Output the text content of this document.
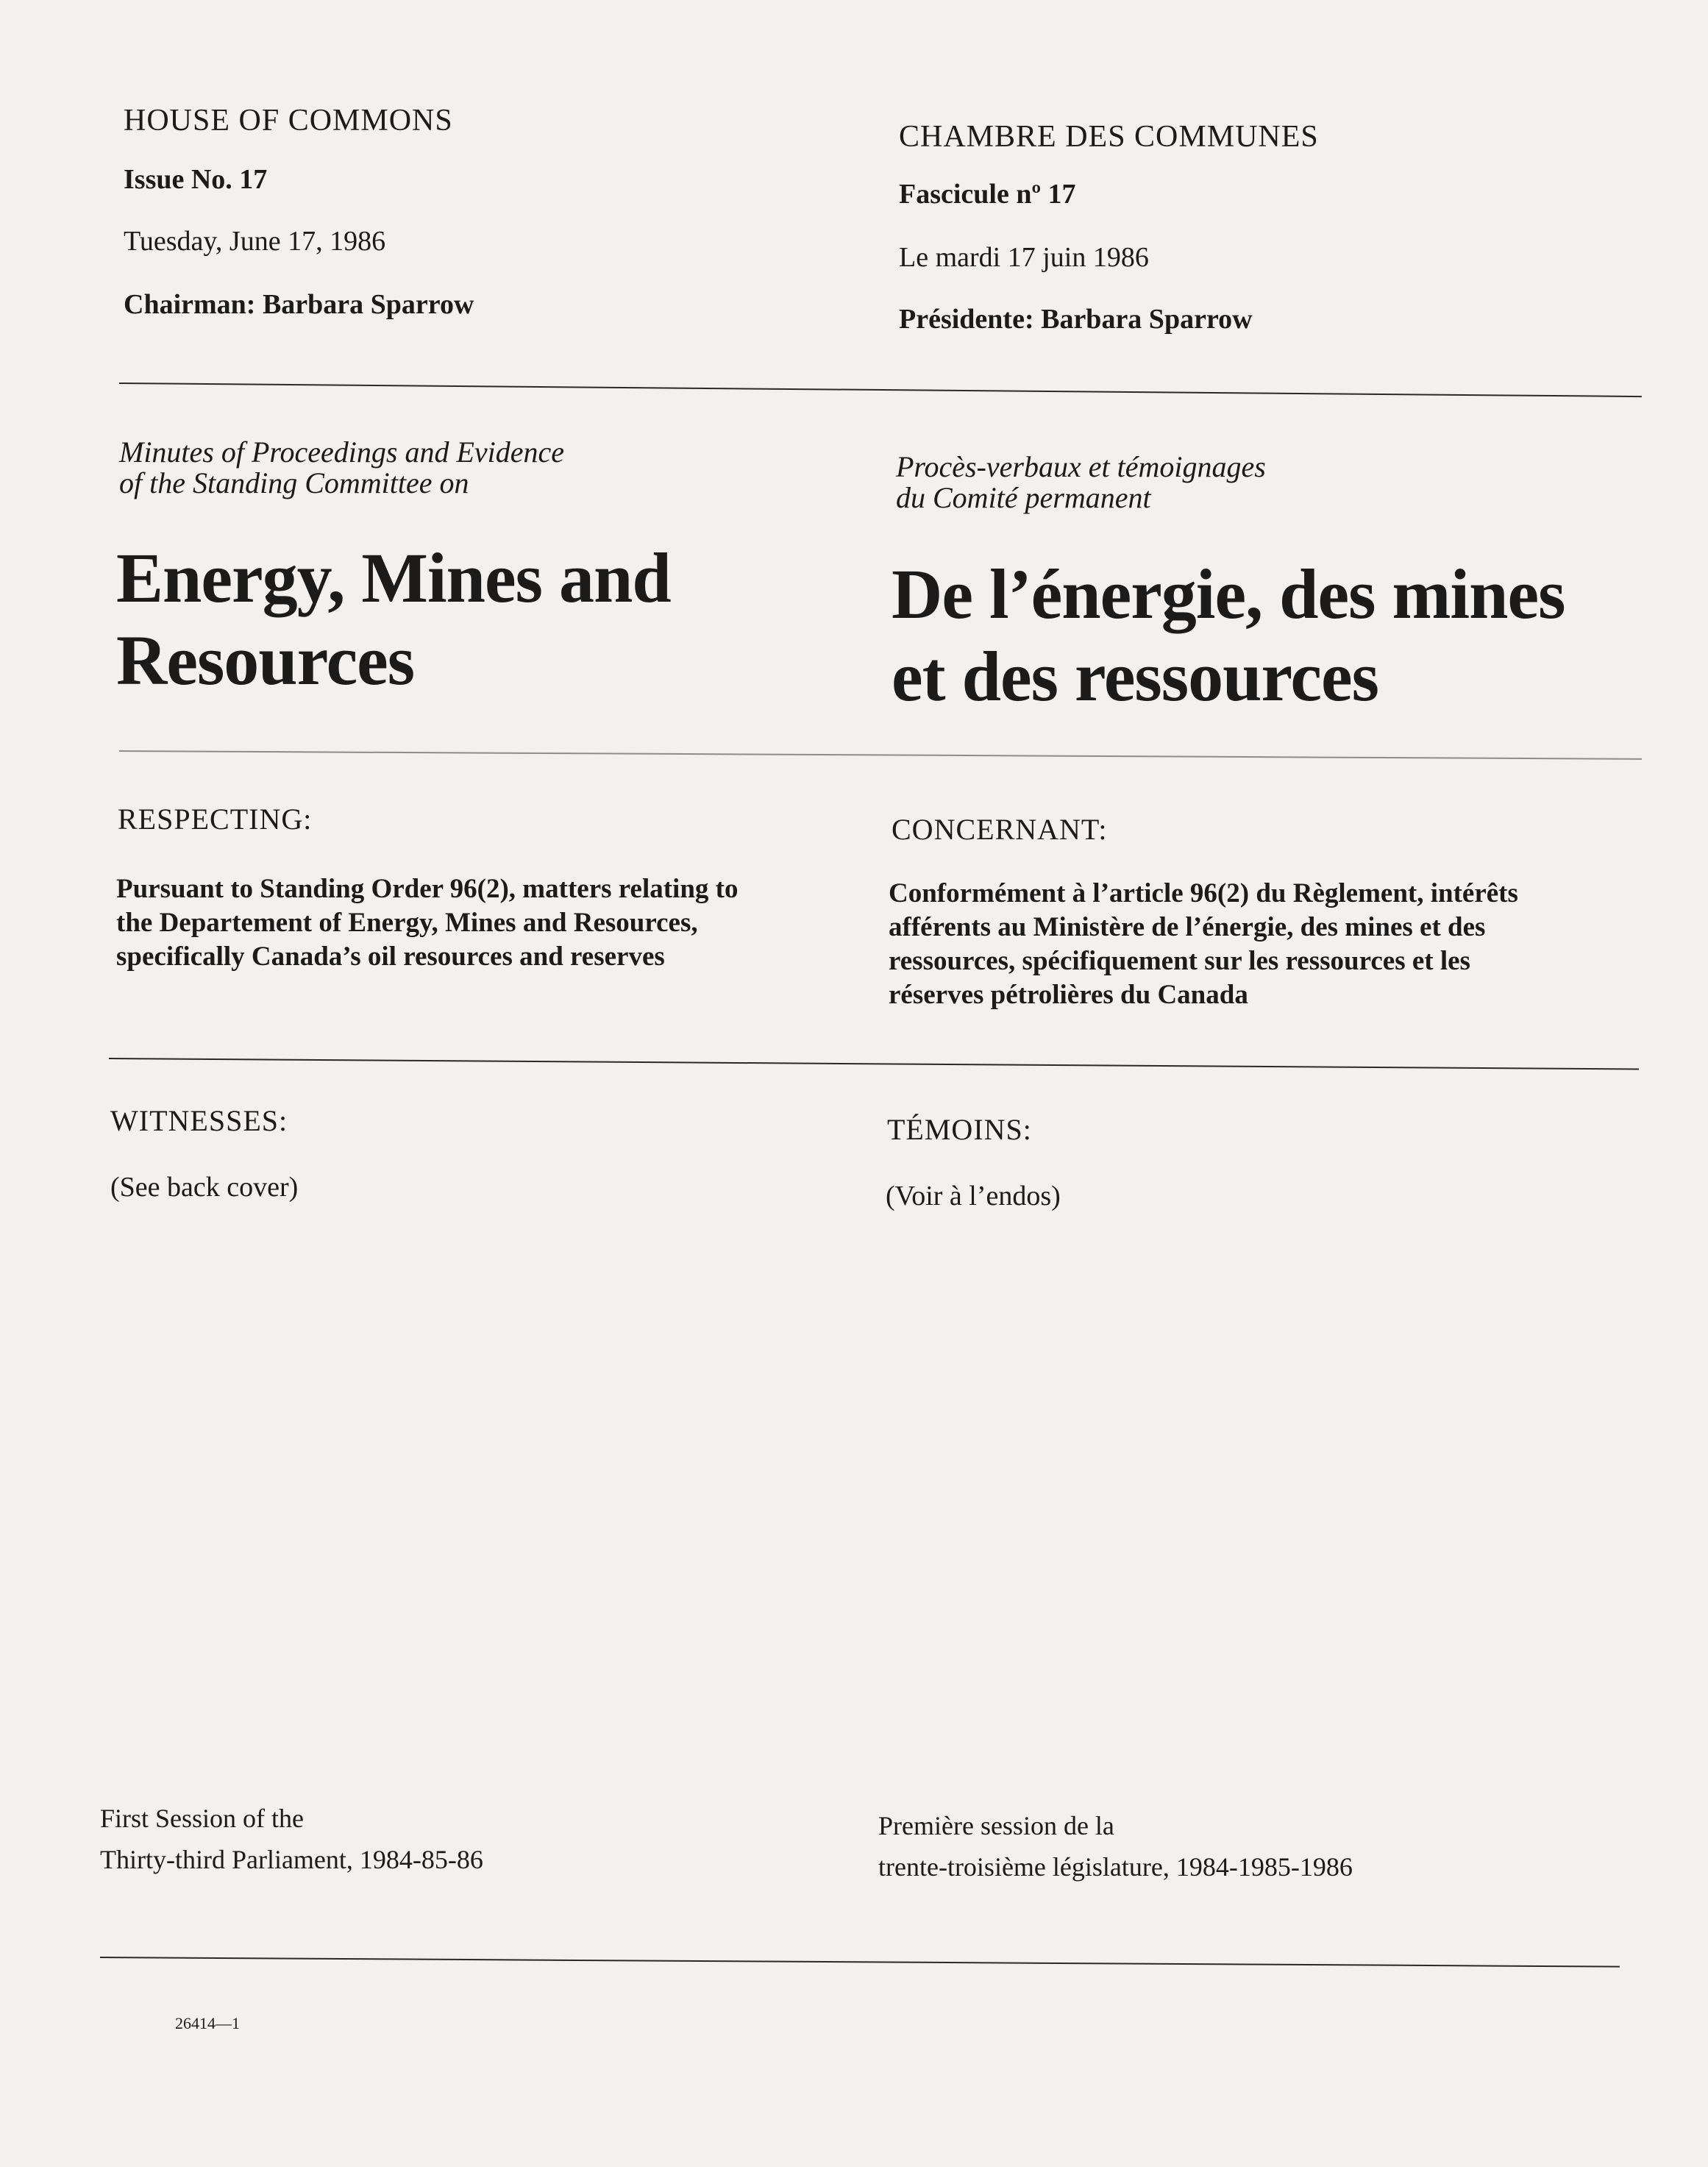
HOUSE OF COMMONS
Issue No. 17
Tuesday, June 17, 1986
Chairman: Barbara Sparrow
CHAMBRE DES COMMUNES
Fascicule nº 17
Le mardi 17 juin 1986
Présidente: Barbara Sparrow
Minutes of Proceedings and Evidence
of the Standing Committee on	Procès-verbaux et témoignages
du Comité permanent
Energy, Mines and
Resources
De l’énergie, des mines
et des ressources
RESPECTING:
Pursuant to Standing Order 96(2), matters relating to
the Departement of Energy, Mines and Resources,
specifically Canada’s oil resources and reserves
CONCERNANT:
Conformément à l’article 96(2) du Règlement, intérêts
afférents au Ministère de l’énergie, des mines et des
ressources, spécifiquement sur les ressources et les
réserves pétrolières du Canada
WITNESSES:
(See back cover)
TÉMOINS:
(Voir à l’endos)
First Session of the
Thirty-third Parliament, 1984-85-86
Première session de la
trente-troisième législature, 1984-1985-1986
26414—1
